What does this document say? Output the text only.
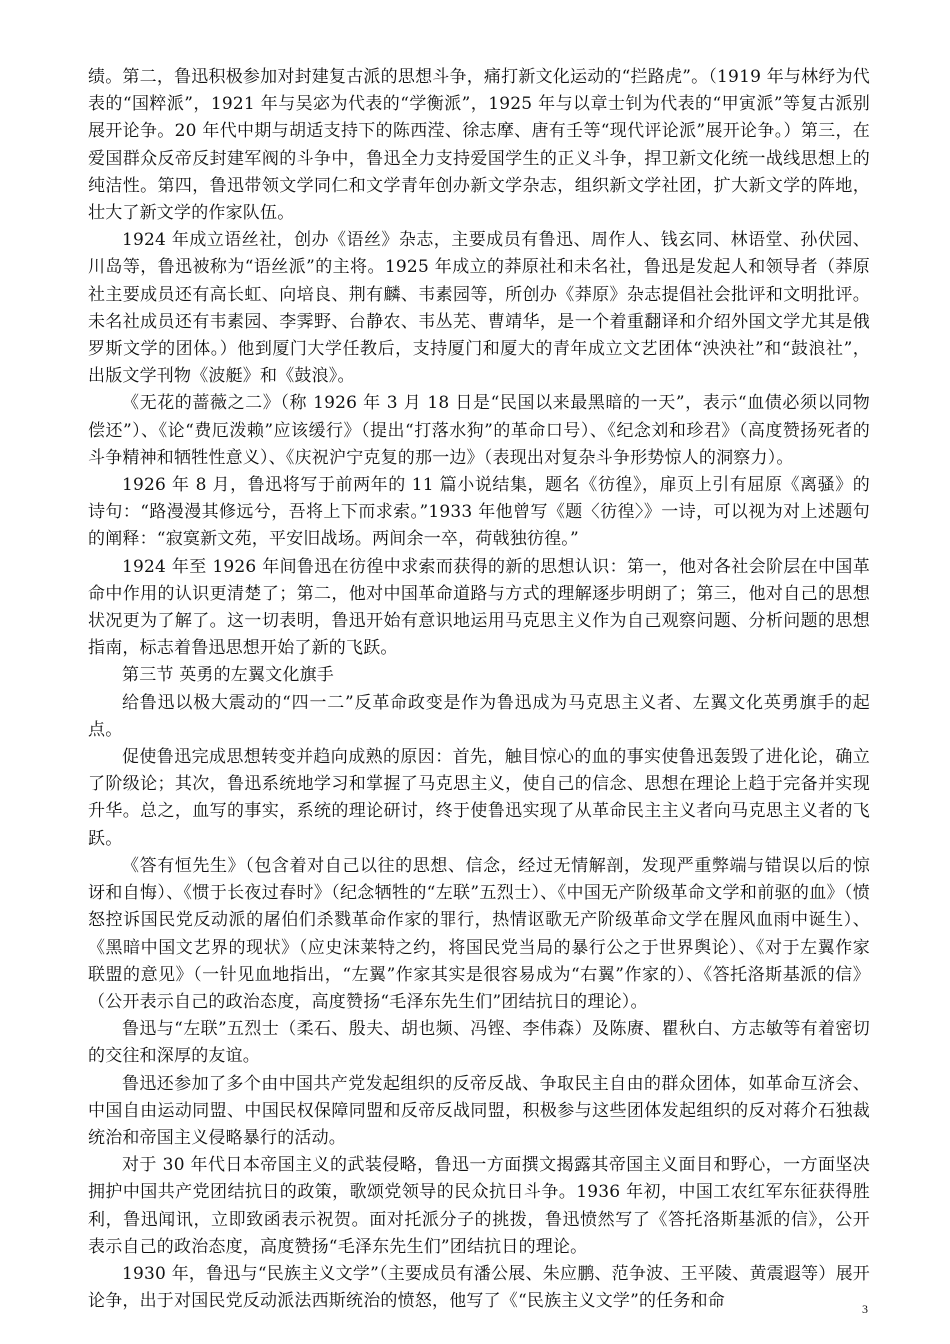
绩。第二，鲁迅积极参加对封建复古派的思想斗争，痛打新文化运动的“拦路虎”。（1919 年与林纾为代表的“国粹派”，1921 年与吴宓为代表的“学衡派”，1925 年与以章士钊为代表的“甲寅派”等复古派别展开论争。20 年代中期与胡适支持下的陈西滢、徐志摩、唐有壬等“现代评论派”展开论争。）第三，在爱国群众反帝反封建军阀的斗争中，鲁迅全力支持爱国学生的正义斗争，捍卫新文化统一战线思想上的纯洁性。第四，鲁迅带领文学同仁和文学青年创办新文学杂志，组织新文学社团，扩大新文学的阵地，壮大了新文学的作家队伍。

1924 年成立语丝社，创办《语丝》杂志，主要成员有鲁迅、周作人、钱玄同、林语堂、孙伏园、川岛等，鲁迅被称为“语丝派”的主将。1925 年成立的莽原社和未名社，鲁迅是发起人和领导者（莽原社主要成员还有高长虹、向培良、荆有麟、韦素园等，所创办《莽原》杂志提倡社会批评和文明批评。未名社成员还有韦素园、李霁野、台静农、韦丛芜、曹靖华，是一个着重翻译和介绍外国文学尤其是俄罗斯文学的团体。）他到厦门大学任教后，支持厦门和厦大的青年成立文艺团体“泱泱社”和“鼓浪社”，出版文学刊物《波艇》和《鼓浪》。

《无花的蔷薇之二》（称 1926 年 3 月 18 日是“民国以来最黑暗的一天”，表示“血债必须以同物偿还”）、《论“费厄泼赖”应该缓行》（提出“打落水狗”的革命口号）、《纪念刘和珍君》（高度赞扬死者的斗争精神和牺牲性意义）、《庆祝沪宁克复的那一边》（表现出对复杂斗争形势惊人的洞察力）。

1926 年 8 月，鲁迅将写于前两年的 11 篇小说结集，题名《彷徨》，扉页上引有屈原《离骚》的诗句：“路漫漫其修远兮，吾将上下而求索。”1933 年他曾写《题〈彷徨〉》一诗，可以视为对上述题句的阐释：“寂寞新文苑，平安旧战场。两间余一卒，荷戟独彷徨。”

1924 年至 1926 年间鲁迅在彷徨中求索而获得的新的思想认识：第一，他对各社会阶层在中国革命中作用的认识更清楚了；第二，他对中国革命道路与方式的理解逐步明朗了；第三，他对自己的思想状况更为了解了。这一切表明，鲁迅开始有意识地运用马克思主义作为自己观察问题、分析问题的思想指南，标志着鲁迅思想开始了新的飞跃。

第三节 英勇的左翼文化旗手

给鲁迅以极大震动的“四一二”反革命政变是作为鲁迅成为马克思主义者、左翼文化英勇旗手的起点。

促使鲁迅完成思想转变并趋向成熟的原因：首先，触目惊心的血的事实使鲁迅轰毁了进化论，确立了阶级论；其次，鲁迅系统地学习和掌握了马克思主义，使自己的信念、思想在理论上趋于完备并实现升华。总之，血写的事实，系统的理论研讨，终于使鲁迅实现了从革命民主主义者向马克思主义者的飞跃。

《答有恒先生》（包含着对自己以往的思想、信念，经过无情解剖，发现严重弊端与错误以后的惊讶和自悔）、《惯于长夜过春时》（纪念牺牲的“左联”五烈士）、《中国无产阶级革命文学和前驱的血》（愤怒控诉国民党反动派的屠伯们杀戮革命作家的罪行，热情讴歌无产阶级革命文学在腥风血雨中诞生）、《黑暗中国文艺界的现状》（应史沫莱特之约，将国民党当局的暴行公之于世界舆论）、《对于左翼作家联盟的意见》（一针见血地指出，“左翼”作家其实是很容易成为“右翼”作家的）、《答托洛斯基派的信》（公开表示自己的政治态度，高度赞扬“毛泽东先生们”团结抗日的理论）。

鲁迅与“左联”五烈士（柔石、殷夫、胡也频、冯铿、李伟森）及陈赓、瞿秋白、方志敏等有着密切的交往和深厚的友谊。

鲁迅还参加了多个由中国共产党发起组织的反帝反战、争取民主自由的群众团体，如革命互济会、中国自由运动同盟、中国民权保障同盟和反帝反战同盟，积极参与这些团体发起组织的反对蒋介石独裁统治和帝国主义侵略暴行的活动。

对于 30 年代日本帝国主义的武装侵略，鲁迅一方面撰文揭露其帝国主义面目和野心，一方面坚决拥护中国共产党团结抗日的政策，歌颂党领导的民众抗日斗争。1936 年初，中国工农红军东征获得胜利，鲁迅闻讯，立即致函表示祝贺。面对托派分子的挑拨，鲁迅愤然写了《答托洛斯基派的信》，公开表示自己的政治态度，高度赞扬“毛泽东先生们”团结抗日的理论。

1930 年，鲁迅与“民族主义文学”（主要成员有潘公展、朱应鹏、范争波、王平陵、黄震遐等）展开论争，出于对国民党反动派法西斯统治的愤怒，他写了《“民族主义文学”的任务和命	3
